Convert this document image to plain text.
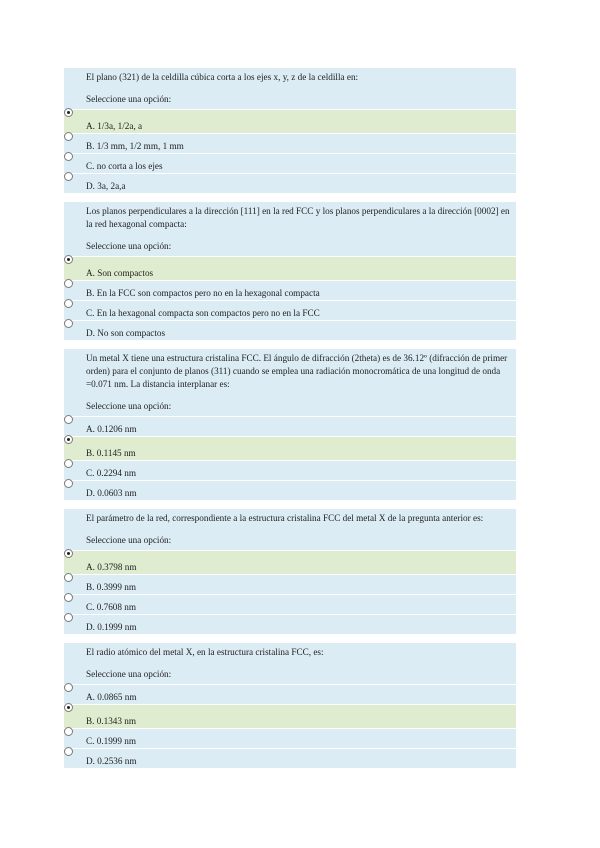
El plano (321) de la celdilla cúbica corta a los ejes x, y, z de la celdilla en:

Seleccione una opción:

A. 1/3a, 1/2a, a
B. 1/3 mm, 1/2 mm, 1 mm
C. no corta a los ejes
D. 3a, 2a,a

Los planos perpendiculares a la dirección [111] en la red FCC y los planos perpendiculares a la dirección [0002] en la red hexagonal compacta:

Seleccione una opción:

A. Son compactos
B. En la FCC son compactos pero no en la hexagonal compacta
C. En la hexagonal compacta son compactos pero no en la FCC
D. No son compactos

Un metal X tiene una estructura cristalina FCC. El ángulo de difracción (2theta) es de 36.12º (difracción de primer orden) para el conjunto de planos (311) cuando se emplea una radiación monocromática de una longitud de onda =0.071 nm. La distancia interplanar es:

Seleccione una opción:

A. 0.1206 nm
B. 0.1145 nm
C. 0.2294 nm
D. 0.0603 nm

El parámetro de la red, correspondiente a la estructura cristalina FCC del metal X de la pregunta anterior es:

Seleccione una opción:

A. 0.3798 nm
B. 0.3999 nm
C. 0.7608 nm
D. 0.1999 nm

El radio atómico del metal X, en la estructura cristalina FCC, es:

Seleccione una opción:

A. 0.0865 nm
B. 0.1343 nm
C. 0.1999 nm
D. 0.2536 nm
